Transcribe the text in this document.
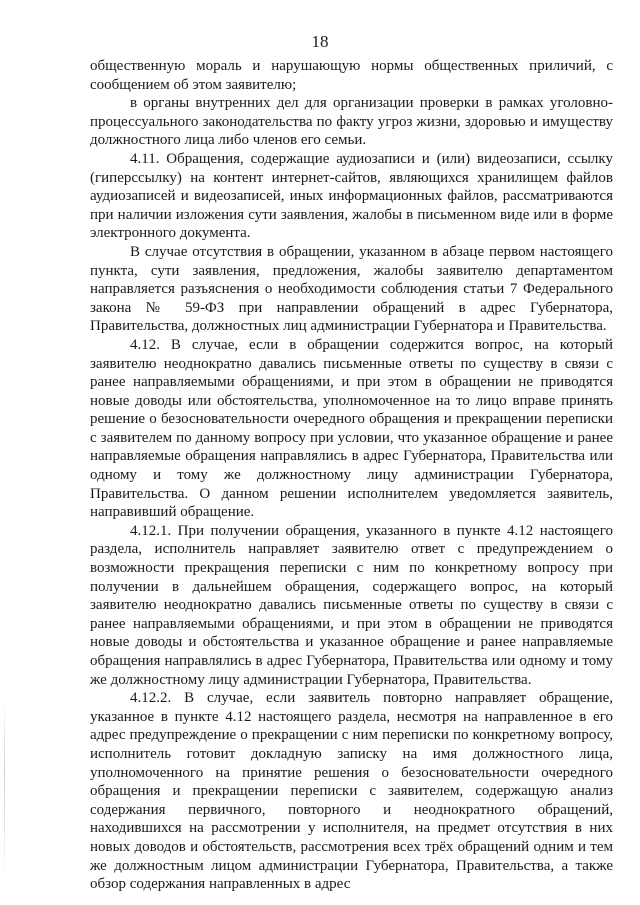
18

общественную мораль и нарушающую нормы общественных приличий, с сообщением об этом заявителю;

в органы внутренних дел для организации проверки в рамках уголовно-процессуального законодательства по факту угроз жизни, здоровью и имуществу должностного лица либо членов его семьи.

4.11. Обращения, содержащие аудиозаписи и (или) видеозаписи, ссылку (гиперссылку) на контент интернет-сайтов, являющихся хранилищем файлов аудиозаписей и видеозаписей, иных информационных файлов, рассматриваются при наличии изложения сути заявления, жалобы в письменном виде или в форме электронного документа.

В случае отсутствия в обращении, указанном в абзаце первом настоящего пункта, сути заявления, предложения, жалобы заявителю департаментом направляется разъяснения о необходимости соблюдения статьи 7 Федерального закона № 59-ФЗ при направлении обращений в адрес Губернатора, Правительства, должностных лиц администрации Губернатора и Правительства.

4.12. В случае, если в обращении содержится вопрос, на который заявителю неоднократно давались письменные ответы по существу в связи с ранее направляемыми обращениями, и при этом в обращении не приводятся новые доводы или обстоятельства, уполномоченное на то лицо вправе принять решение о безосновательности очередного обращения и прекращении переписки с заявителем по данному вопросу при условии, что указанное обращение и ранее направляемые обращения направлялись в адрес Губернатора, Правительства или одному и тому же должностному лицу администрации Губернатора, Правительства. О данном решении исполнителем уведомляется заявитель, направивший обращение.

4.12.1. При получении обращения, указанного в пункте 4.12 настоящего раздела, исполнитель направляет заявителю ответ с предупреждением о возможности прекращения переписки с ним по конкретному вопросу при получении в дальнейшем обращения, содержащего вопрос, на который заявителю неоднократно давались письменные ответы по существу в связи с ранее направляемыми обращениями, и при этом в обращении не приводятся новые доводы и обстоятельства и указанное обращение и ранее направляемые обращения направлялись в адрес Губернатора, Правительства или одному и тому же должностному лицу администрации Губернатора, Правительства.

4.12.2. В случае, если заявитель повторно направляет обращение, указанное в пункте 4.12 настоящего раздела, несмотря на направленное в его адрес предупреждение о прекращении с ним переписки по конкретному вопросу, исполнитель готовит докладную записку на имя должностного лица, уполномоченного на принятие решения о безосновательности очередного обращения и прекращении переписки с заявителем, содержащую анализ содержания первичного, повторного и неоднократного обращений, находившихся на рассмотрении у исполнителя, на предмет отсутствия в них новых доводов и обстоятельств, рассмотрения всех трёх обращений одним и тем же должностным лицом администрации Губернатора, Правительства, а также обзор содержания направленных в адрес
